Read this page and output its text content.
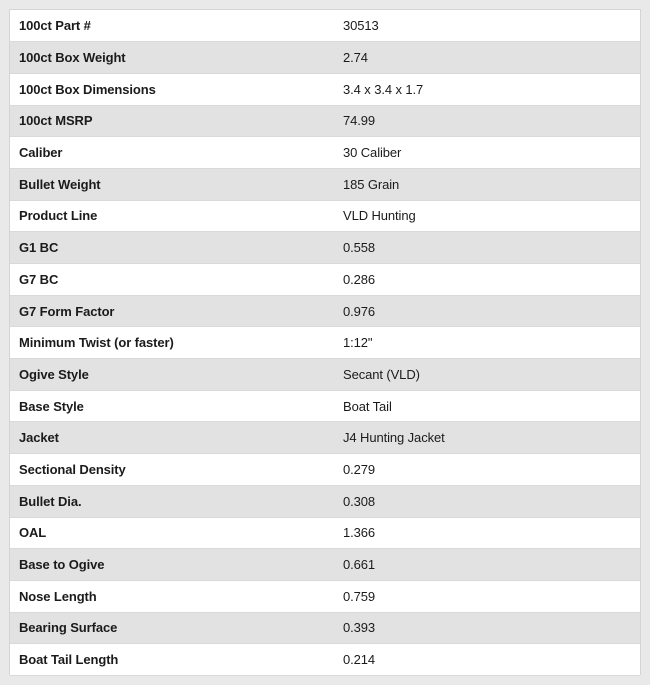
100ct Part #	30513
100ct Box Weight	2.74
100ct Box Dimensions	3.4 x 3.4 x 1.7
100ct MSRP	74.99
Caliber	30 Caliber
Bullet Weight	185 Grain
Product Line	VLD Hunting
G1 BC	0.558
G7 BC	0.286
G7 Form Factor	0.976
Minimum Twist (or faster)	1:12"
Ogive Style	Secant (VLD)
Base Style	Boat Tail
Jacket	J4 Hunting Jacket
Sectional Density	0.279
Bullet Dia.	0.308
OAL	1.366
Base to Ogive	0.661
Nose Length	0.759
Bearing Surface	0.393
Boat Tail Length	0.214
